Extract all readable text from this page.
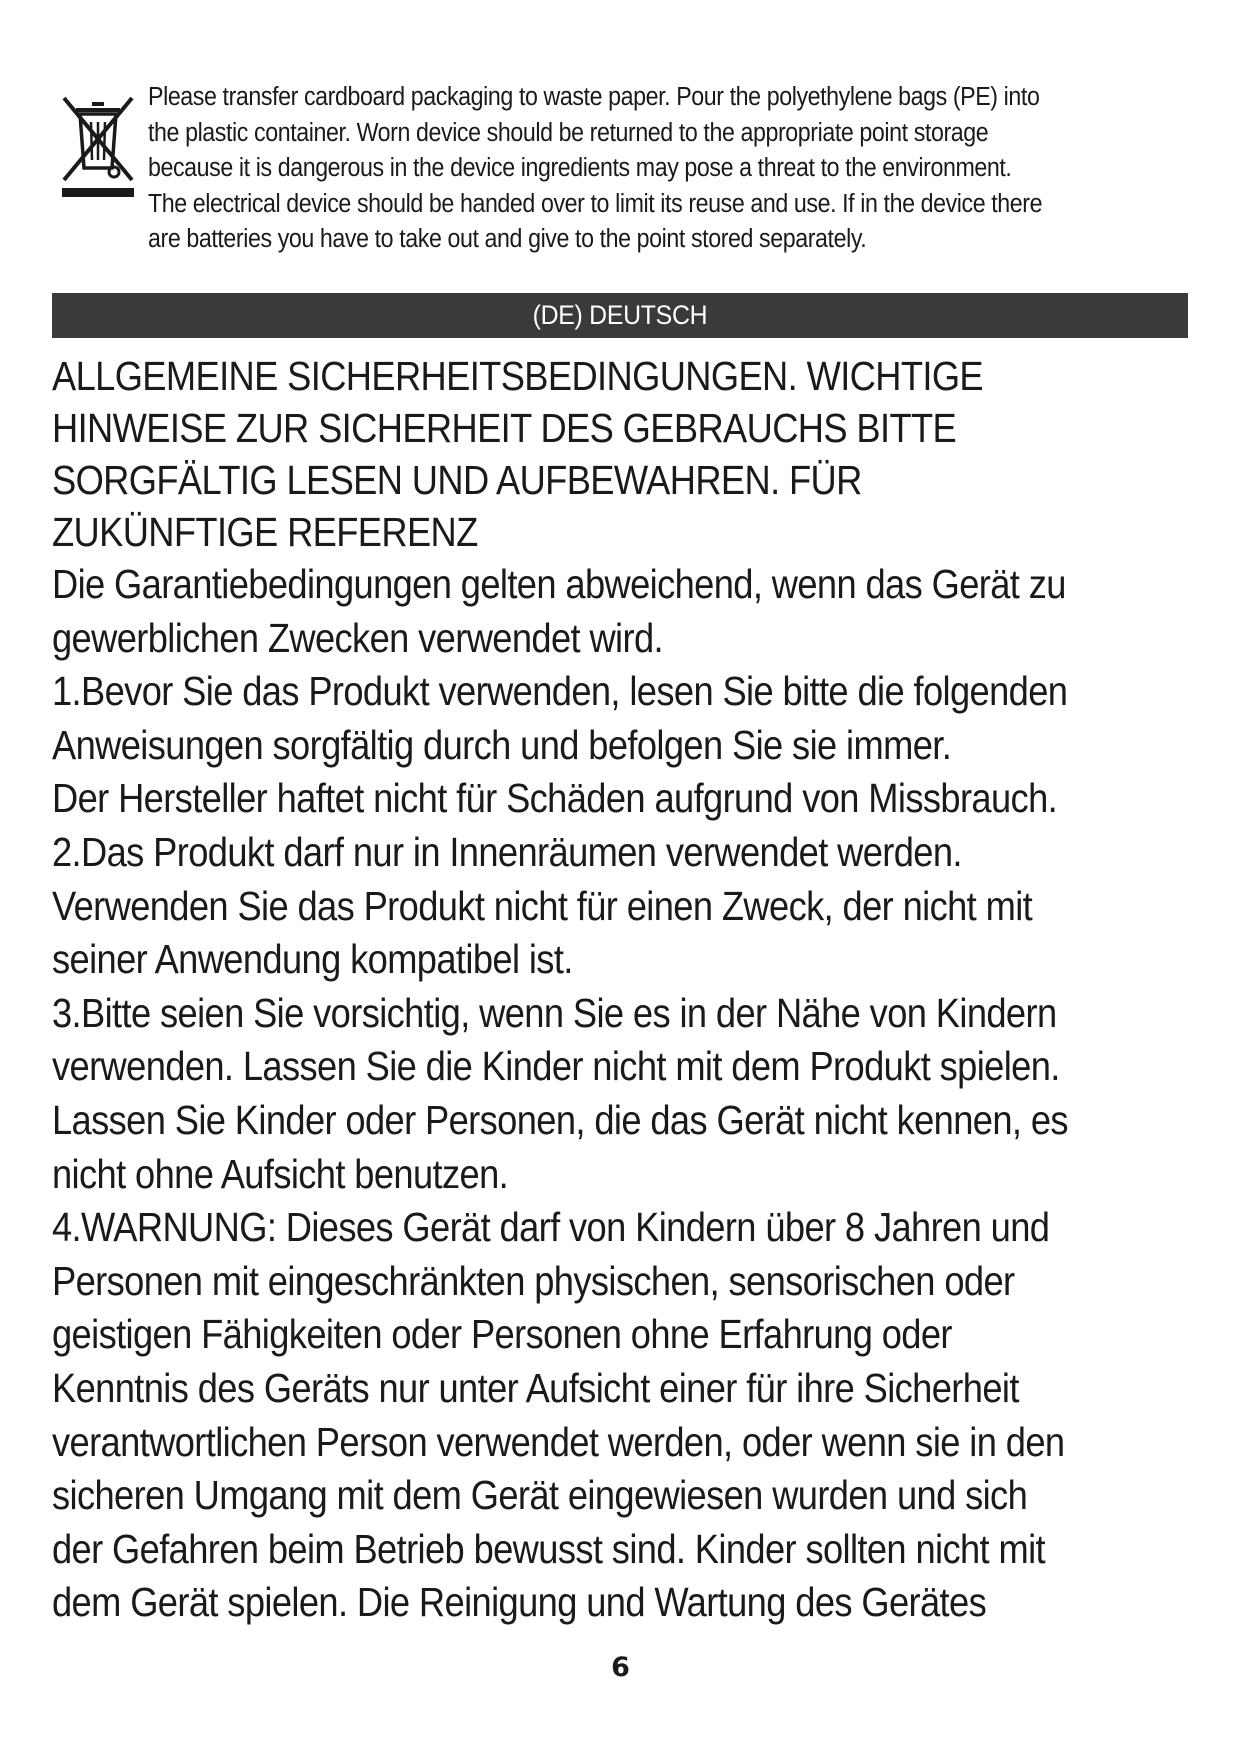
Please transfer cardboard packaging to waste paper. Pour the polyethylene bags (PE) into
the plastic container. Worn device should be returned to the appropriate point storage
because it is dangerous in the device ingredients may pose a threat to the environment.
The electrical device should be handed over to limit its reuse and use. If in the device there
are batteries you have to take out and give to the point stored separately.
(DE) DEUTSCH
ALLGEMEINE SICHERHEITSBEDINGUNGEN. WICHTIGE
HINWEISE ZUR SICHERHEIT DES GEBRAUCHS BITTE
SORGFÄLTIG LESEN UND AUFBEWAHREN. FÜR
ZUKÜNFTIGE REFERENZ
Die Garantiebedingungen gelten abweichend, wenn das Gerät zu
gewerblichen Zwecken verwendet wird.
1.Bevor Sie das Produkt verwenden, lesen Sie bitte die folgenden
Anweisungen sorgfältig durch und befolgen Sie sie immer.
Der Hersteller haftet nicht für Schäden aufgrund von Missbrauch.
2.Das Produkt darf nur in Innenräumen verwendet werden.
Verwenden Sie das Produkt nicht für einen Zweck, der nicht mit
seiner Anwendung kompatibel ist.
3.Bitte seien Sie vorsichtig, wenn Sie es in der Nähe von Kindern
verwenden. Lassen Sie die Kinder nicht mit dem Produkt spielen.
Lassen Sie Kinder oder Personen, die das Gerät nicht kennen, es
nicht ohne Aufsicht benutzen.
4.WARNUNG: Dieses Gerät darf von Kindern über 8 Jahren und
Personen mit eingeschränkten physischen, sensorischen oder
geistigen Fähigkeiten oder Personen ohne Erfahrung oder
Kenntnis des Geräts nur unter Aufsicht einer für ihre Sicherheit
verantwortlichen Person verwendet werden, oder wenn sie in den
sicheren Umgang mit dem Gerät eingewiesen wurden und sich
der Gefahren beim Betrieb bewusst sind. Kinder sollten nicht mit
dem Gerät spielen. Die Reinigung und Wartung des Gerätes
6
